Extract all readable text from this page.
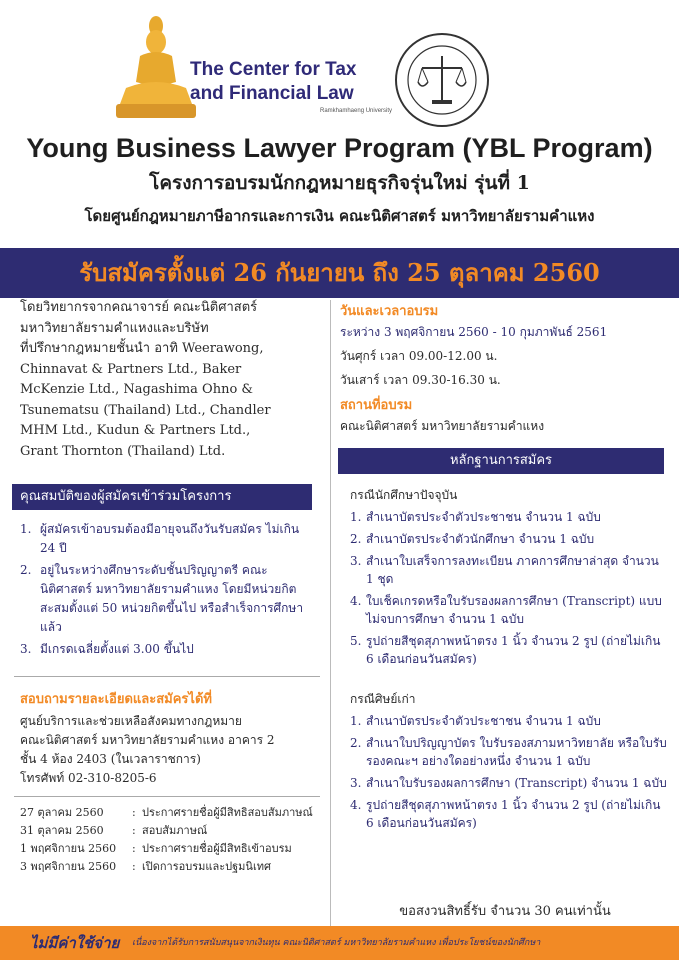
The Center for Tax
and Financial Law
Ramkhamhaeng University
Young Business Lawyer Program (YBL Program)
โครงการอบรมนักกฎหมายธุรกิจรุ่นใหม่ รุ่นที่ 1
โดยศูนย์กฎหมายภาษีอากรและการเงิน คณะนิติศาสตร์ มหาวิทยาลัยรามคำแหง
รับสมัครตั้งแต่ 26 กันยายน ถึง 25 ตุลาคม 2560
โดยวิทยากรจากคณาจารย์ คณะนิติศาสตร์
มหาวิทยาลัยรามคำแหงและบริษัท
ที่ปรึกษากฎหมายชั้นนำ อาทิ Weerawong,
Chinnavat & Partners Ltd., Baker
McKenzie Ltd., Nagashima Ohno &
Tsunematsu (Thailand) Ltd., Chandler
MHM Ltd., Kudun & Partners Ltd.,
Grant Thornton (Thailand) Ltd.
คุณสมบัติของผู้สมัครเข้าร่วมโครงการ
1. ผู้สมัครเข้าอบรมต้องมีอายุจนถึงวันรับสมัคร ไม่เกิน 24 ปี
2. อยู่ในระหว่างศึกษาระดับชั้นปริญญาตรี คณะนิติศาสตร์ มหาวิทยาลัยรามคำแหง โดยมีหน่วยกิตสะสมตั้งแต่ 50 หน่วยกิตขึ้นไป หรือสำเร็จการศึกษาแล้ว
3. มีเกรดเฉลี่ยตั้งแต่ 3.00 ขึ้นไป
สอบถามรายละเอียดและสมัครได้ที่
ศูนย์บริการและช่วยเหลือสังคมทางกฎหมาย
คณะนิติศาสตร์ มหาวิทยาลัยรามคำแหง อาคาร 2
ชั้น 4 ห้อง 2403 (ในเวลาราชการ)
โทรศัพท์ 02-310-8205-6
27 ตุลาคม 2560	: ประกาศรายชื่อผู้มีสิทธิสอบสัมภาษณ์
31 ตุลาคม 2560	: สอบสัมภาษณ์
1 พฤศจิกายน 2560	: ประกาศรายชื่อผู้มีสิทธิเข้าอบรม
3 พฤศจิกายน 2560	: เปิดการอบรมและปฐมนิเทศ
วันและเวลาอบรม
ระหว่าง 3 พฤศจิกายน 2560 - 10 กุมภาพันธ์ 2561
วันศุกร์ เวลา 09.00-12.00 น.
วันเสาร์ เวลา 09.30-16.30 น.
สถานที่อบรม
คณะนิติศาสตร์ มหาวิทยาลัยรามคำแหง
หลักฐานการสมัคร
กรณีนักศึกษาปัจจุบัน
1. สำเนาบัตรประจำตัวประชาชน จำนวน 1 ฉบับ
2. สำเนาบัตรประจำตัวนักศึกษา จำนวน 1 ฉบับ
3. สำเนาใบเสร็จการลงทะเบียน ภาคการศึกษาล่าสุด จำนวน 1 ชุด
4. ใบเช็คเกรดหรือใบรับรองผลการศึกษา (Transcript) แบบไม่จบการศึกษา จำนวน 1 ฉบับ
5. รูปถ่ายสีชุดสุภาพหน้าตรง 1 นิ้ว จำนวน 2 รูป (ถ่ายไม่เกิน 6 เดือนก่อนวันสมัคร)
กรณีศิษย์เก่า
1. สำเนาบัตรประจำตัวประชาชน จำนวน 1 ฉบับ
2. สำเนาใบปริญญาบัตร ใบรับรองสภามหาวิทยาลัย หรือใบรับรองคณะฯ อย่างใดอย่างหนึ่ง จำนวน 1 ฉบับ
3. สำเนาใบรับรองผลการศึกษา (Transcript) จำนวน 1 ฉบับ
4. รูปถ่ายสีชุดสุภาพหน้าตรง 1 นิ้ว จำนวน 2 รูป (ถ่ายไม่เกิน 6 เดือนก่อนวันสมัคร)
ขอสงวนสิทธิ์รับ จำนวน 30 คนเท่านั้น
ไม่มีค่าใช้จ่าย เนื่องจากได้รับการสนับสนุนจากเงินทุน คณะนิติศาสตร์ มหาวิทยาลัยรามคำแหง เพื่อประโยชน์ของนักศึกษา
